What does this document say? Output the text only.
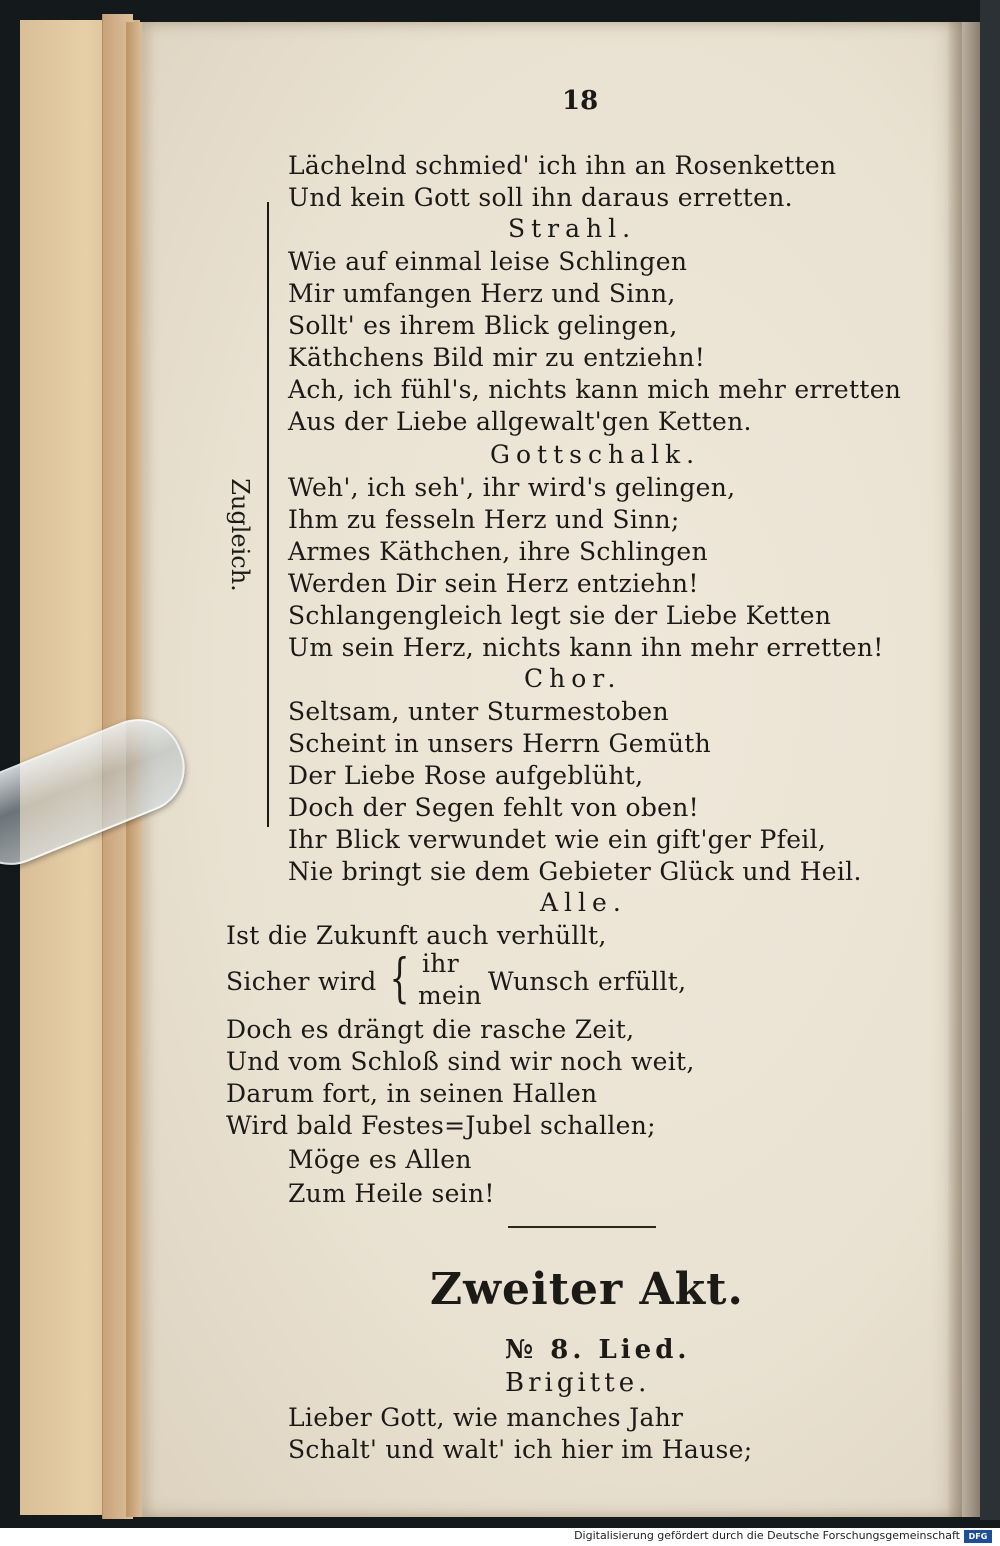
18
Lächelnd schmied' ich ihn an Rosenketten
Und kein Gott soll ihn daraus erretten.
Strahl.
Wie auf einmal leise Schlingen
Mir umfangen Herz und Sinn,
Sollt' es ihrem Blick gelingen,
Käthchens Bild mir zu entziehn!
Ach, ich fühl's, nichts kann mich mehr erretten
Aus der Liebe allgewalt'gen Ketten.
Gottschalk.
Weh', ich seh', ihr wird's gelingen,
Ihm zu fesseln Herz und Sinn;
Armes Käthchen, ihre Schlingen
Werden Dir sein Herz entziehn!
Schlangengleich legt sie der Liebe Ketten
Um sein Herz, nichts kann ihn mehr erretten!
Chor.
Seltsam, unter Sturmestoben
Scheint in unsers Herrn Gemüth
Der Liebe Rose aufgeblüht,
Doch der Segen fehlt von oben!
Ihr Blick verwundet wie ein gift'ger Pfeil,
Nie bringt sie dem Gebieter Glück und Heil.
Zugleich.
Alle.
Ist die Zukunft auch verhüllt,
Sicher wird { ihr
mein Wunsch erfüllt,
Doch es drängt die rasche Zeit,
Und vom Schloß sind wir noch weit,
Darum fort, in seinen Hallen
Wird bald Festes=Jubel schallen;
Möge es Allen
Zum Heile sein!
Zweiter Akt.
№ 8. Lied.
Brigitte.
Lieber Gott, wie manches Jahr
Schalt' und walt' ich hier im Hause;
Digitalisierung gefördert durch die Deutsche Forschungsgemeinschaft	DFG
